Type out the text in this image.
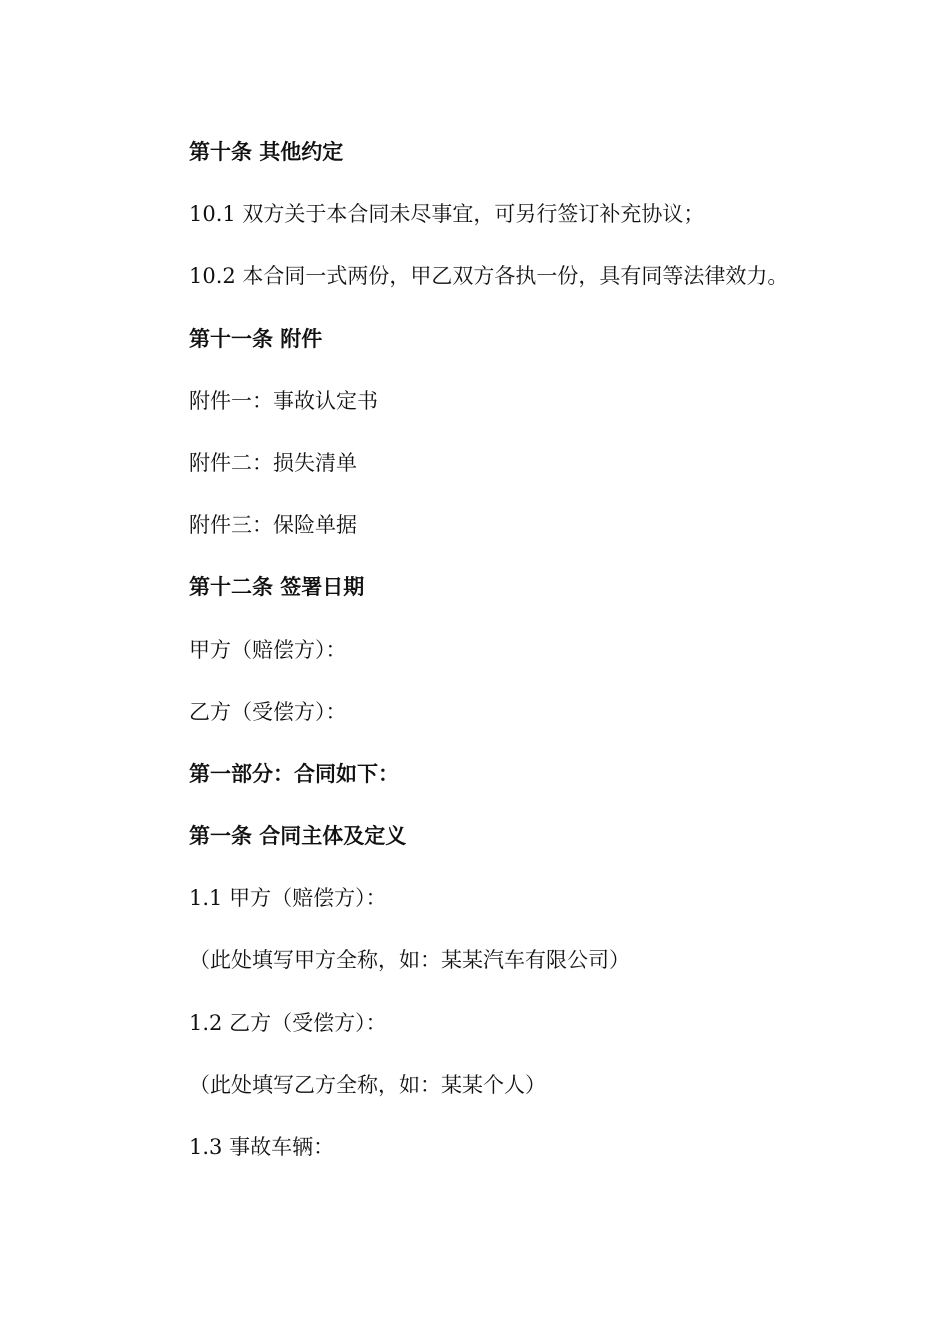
第十条 其他约定
10.1 双方关于本合同未尽事宜，可另行签订补充协议；
10.2 本合同一式两份，甲乙双方各执一份，具有同等法律效力。
第十一条 附件
附件一：事故认定书
附件二：损失清单
附件三：保险单据
第十二条 签署日期
甲方（赔偿方）：
乙方（受偿方）：
第一部分：合同如下：
第一条 合同主体及定义
1.1 甲方（赔偿方）：
（此处填写甲方全称，如：某某汽车有限公司）
1.2 乙方（受偿方）：
（此处填写乙方全称，如：某某个人）
1.3 事故车辆：
